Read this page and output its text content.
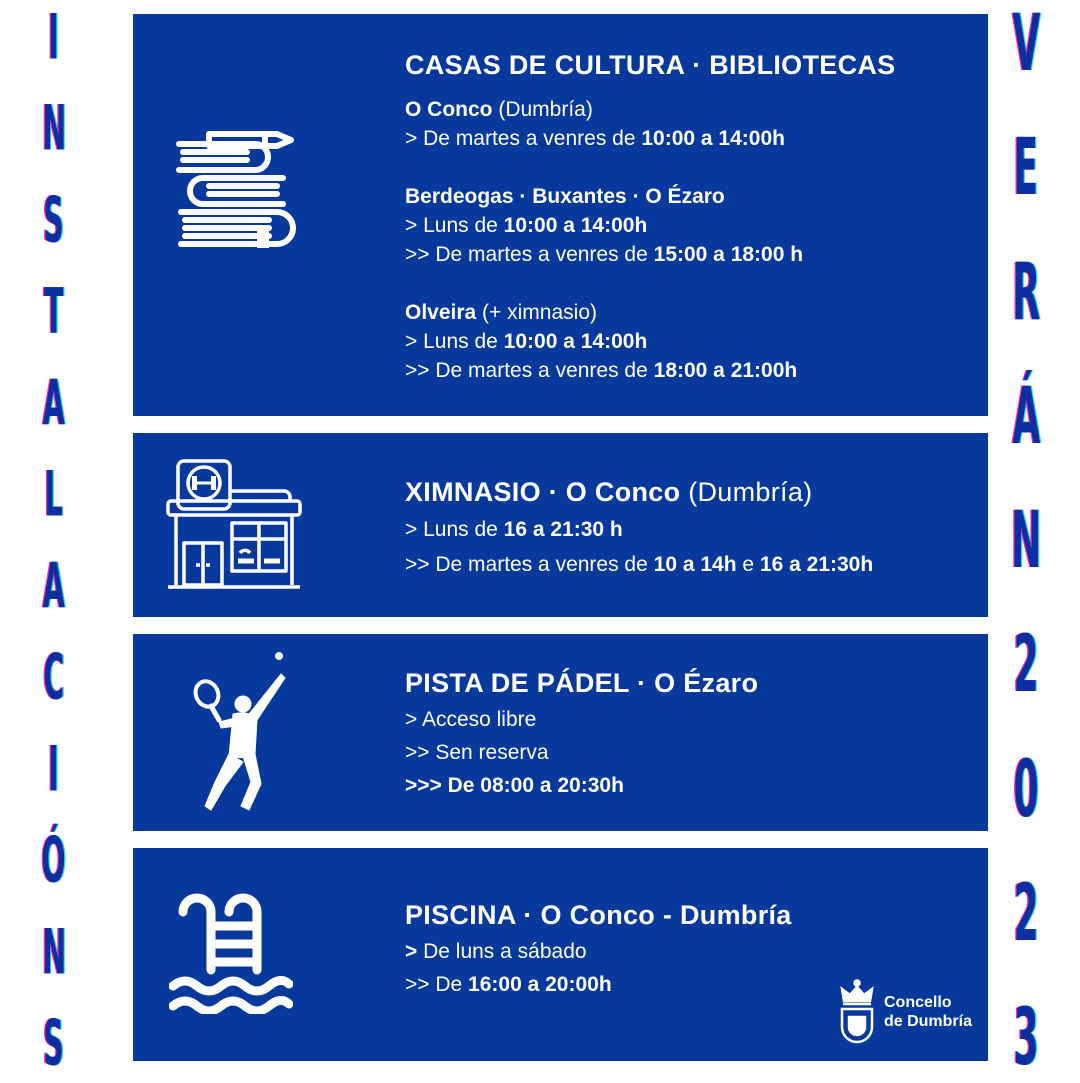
I
N
S
T
A
L
A
C
I
Ó
N
S
V
E
R
Á
N
2
0
2
3
CASAS DE CULTURA · BIBLIOTECAS
O Conco (Dumbría)
> De martes a venres de 10:00 a 14:00h
Berdeogas · Buxantes · O Ézaro
> Luns de 10:00 a 14:00h
>> De martes a venres de 15:00 a 18:00 h
Olveira (+ ximnasio)
> Luns de 10:00 a 14:00h
>> De martes a venres de 18:00 a 21:00h
XIMNASIO · O Conco (Dumbría)
> Luns de 16 a 21:30 h
>> De martes a venres de 10 a 14h e 16 a 21:30h
PISTA DE PÁDEL · O Ézaro
> Acceso libre
>> Sen reserva
>>> De 08:00 a 20:30h
PISCINA · O Conco - Dumbría
> De luns a sábado
>> De 16:00 a 20:00h
Concello
de Dumbría
